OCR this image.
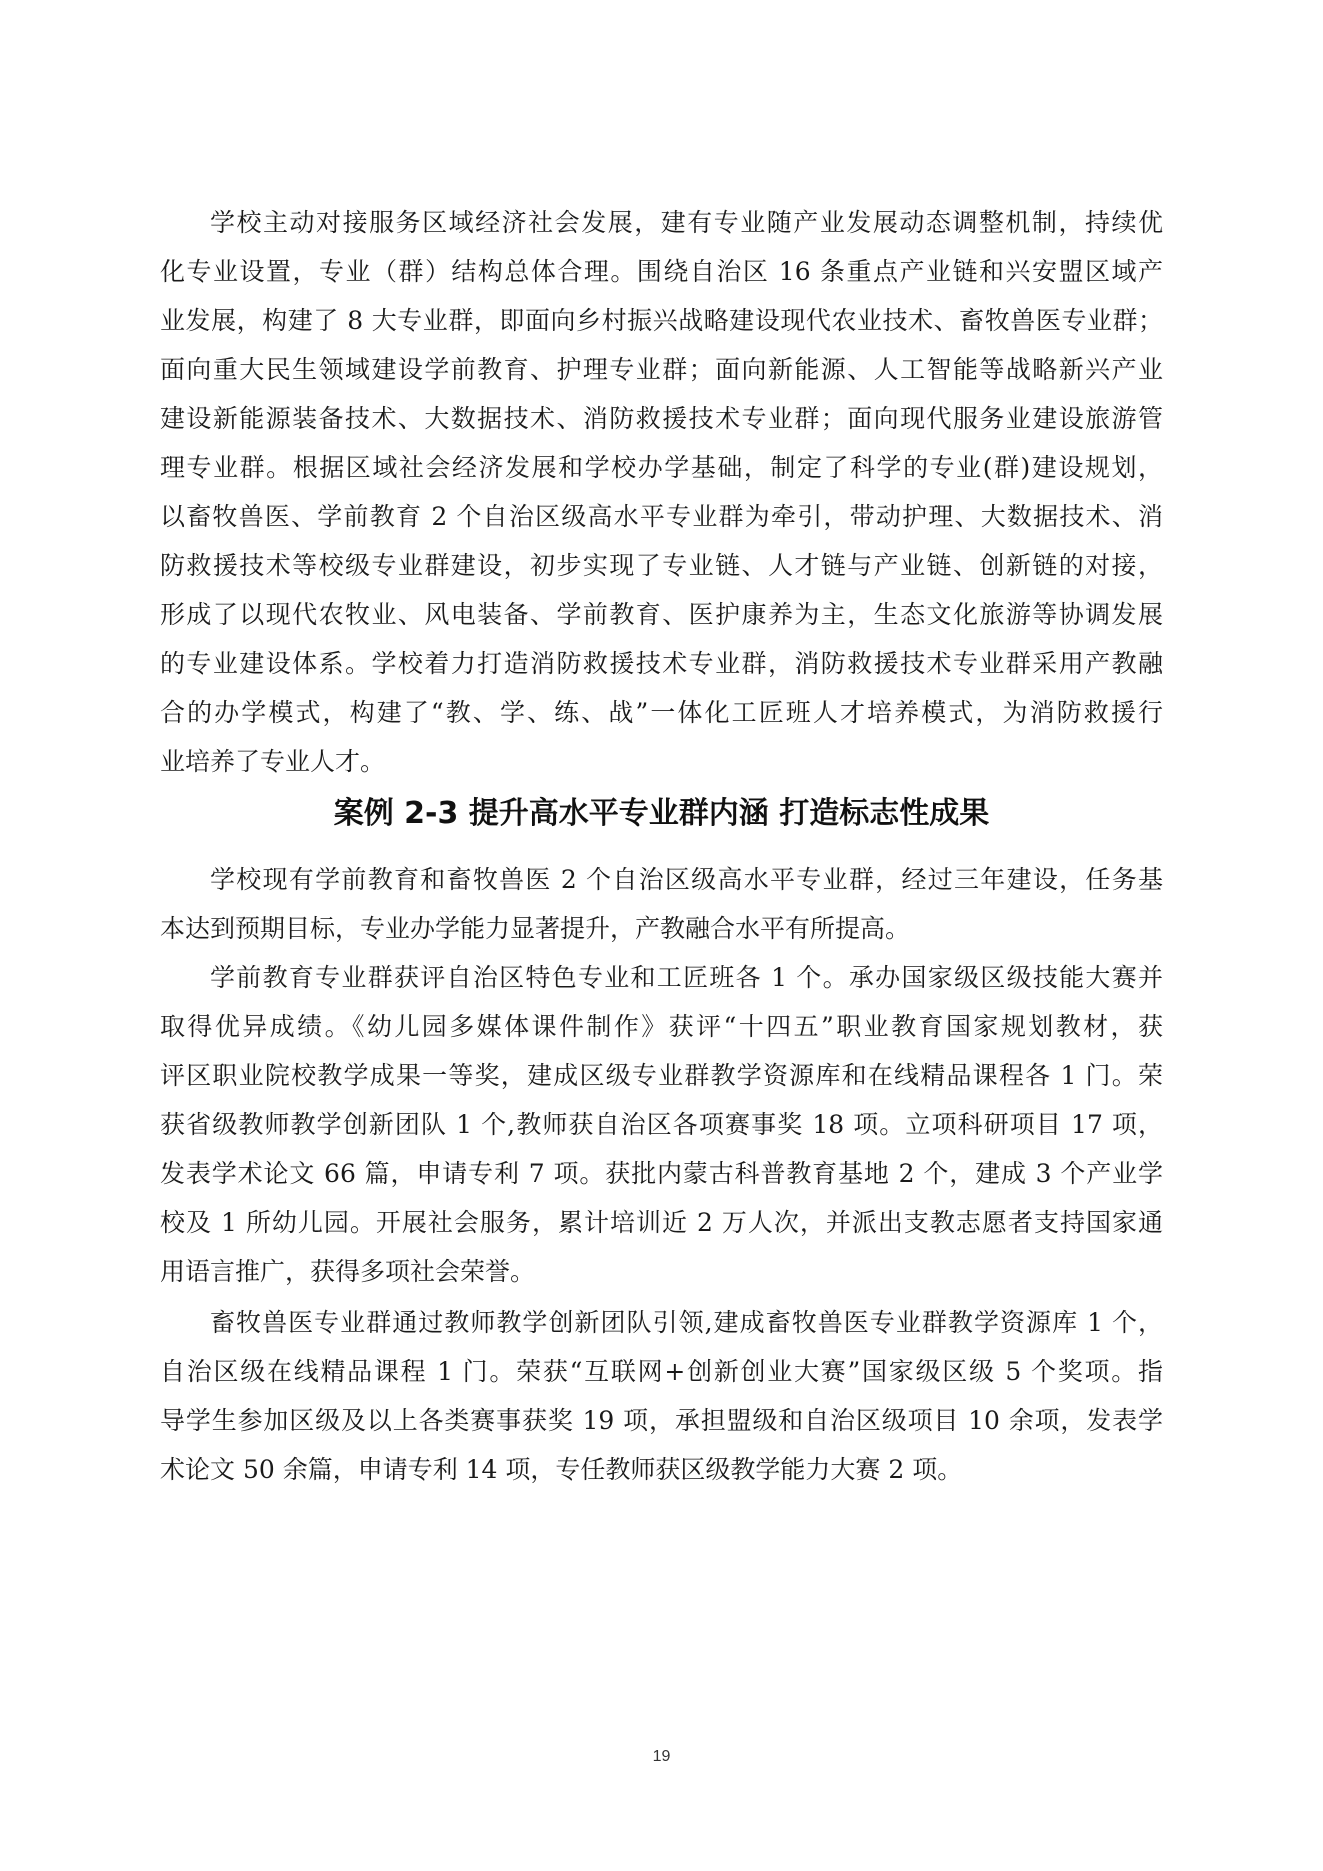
学校主动对接服务区域经济社会发展，建有专业随产业发展动态调整机制，持续优
化专业设置，专业（群）结构总体合理。围绕自治区 16 条重点产业链和兴安盟区域产
业发展，构建了 8 大专业群，即面向乡村振兴战略建设现代农业技术、畜牧兽医专业群；
面向重大民生领域建设学前教育、护理专业群；面向新能源、人工智能等战略新兴产业
建设新能源装备技术、大数据技术、消防救援技术专业群；面向现代服务业建设旅游管
理专业群。根据区域社会经济发展和学校办学基础，制定了科学的专业(群)建设规划，
以畜牧兽医、学前教育 2 个自治区级高水平专业群为牵引，带动护理、大数据技术、消
防救援技术等校级专业群建设，初步实现了专业链、人才链与产业链、创新链的对接，
形成了以现代农牧业、风电装备、学前教育、医护康养为主，生态文化旅游等协调发展
的专业建设体系。学校着力打造消防救援技术专业群，消防救援技术专业群采用产教融
合的办学模式，构建了“教、学、练、战”一体化工匠班人才培养模式，为消防救援行
业培养了专业人才。
案例 2-3 提升高水平专业群内涵 打造标志性成果
学校现有学前教育和畜牧兽医 2 个自治区级高水平专业群，经过三年建设，任务基
本达到预期目标，专业办学能力显著提升，产教融合水平有所提高。
学前教育专业群获评自治区特色专业和工匠班各 1 个。承办国家级区级技能大赛并
取得优异成绩。《幼儿园多媒体课件制作》获评“十四五”职业教育国家规划教材，获
评区职业院校教学成果一等奖，建成区级专业群教学资源库和在线精品课程各 1 门。荣
获省级教师教学创新团队 1 个,教师获自治区各项赛事奖 18 项。立项科研项目 17 项，
发表学术论文 66 篇，申请专利 7 项。获批内蒙古科普教育基地 2 个，建成 3 个产业学
校及 1 所幼儿园。开展社会服务，累计培训近 2 万人次，并派出支教志愿者支持国家通
用语言推广，获得多项社会荣誉。
畜牧兽医专业群通过教师教学创新团队引领,建成畜牧兽医专业群教学资源库 1 个，
自治区级在线精品课程 1 门。荣获“互联网+创新创业大赛”国家级区级 5 个奖项。指
导学生参加区级及以上各类赛事获奖 19 项，承担盟级和自治区级项目 10 余项，发表学
术论文 50 余篇，申请专利 14 项，专任教师获区级教学能力大赛 2 项。
19
